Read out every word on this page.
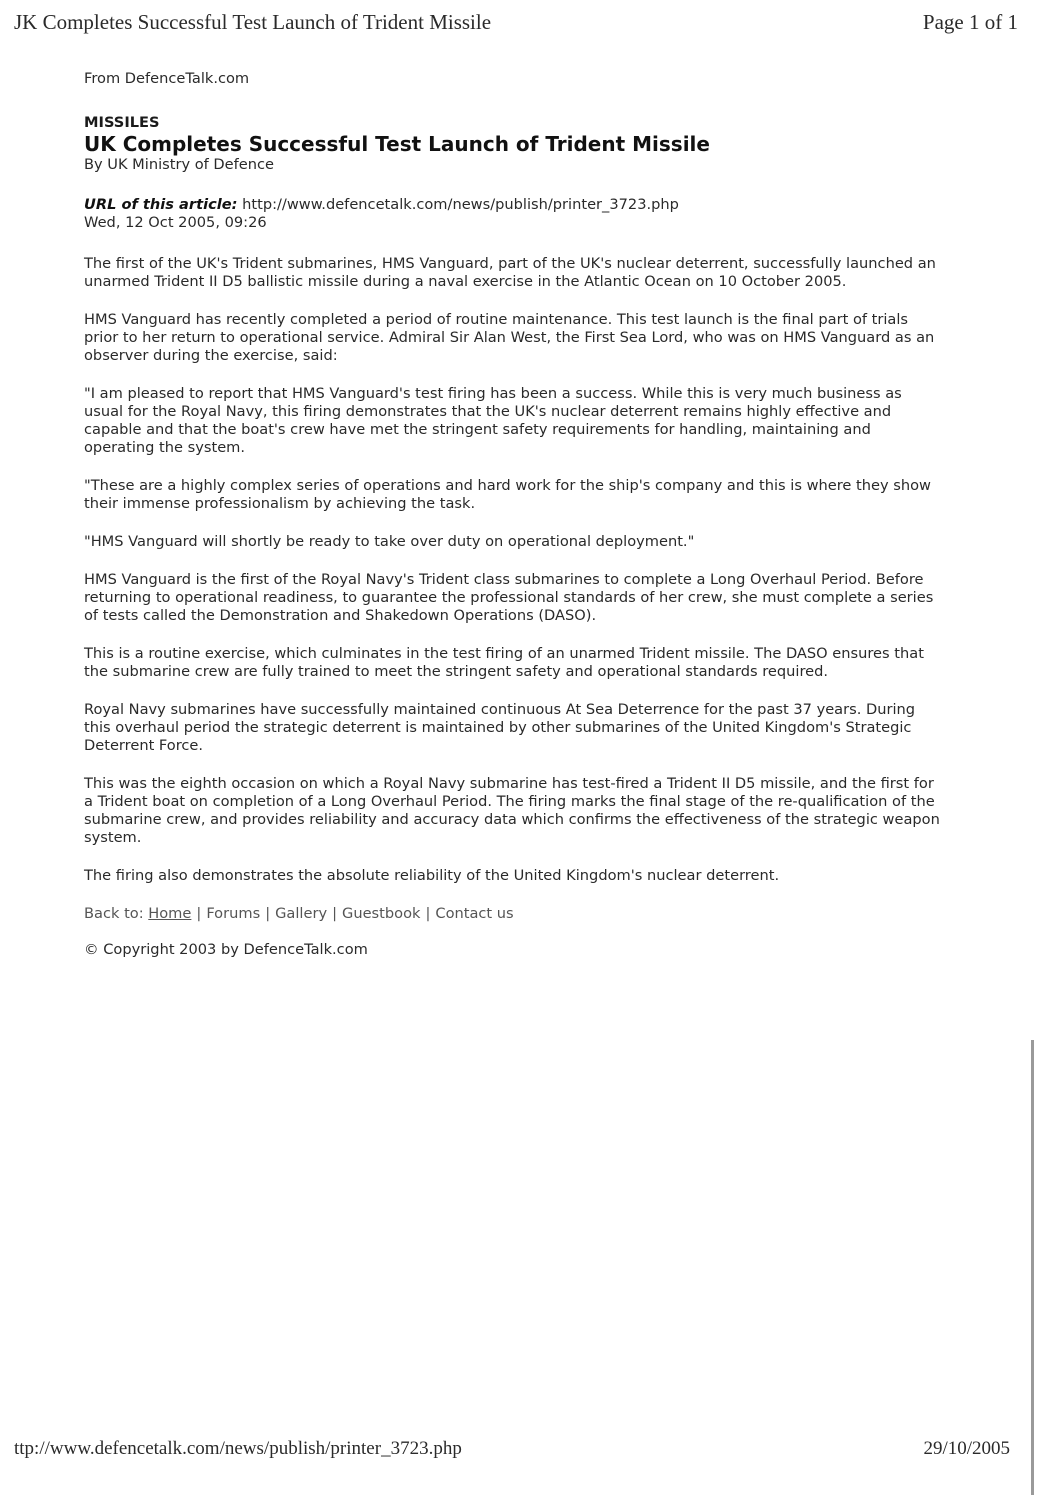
JK Completes Successful Test Launch of Trident Missile	Page 1 of 1

From DefenceTalk.com

MISSILES

UK Completes Successful Test Launch of Trident Missile

By UK Ministry of Defence

URL of this article: http://www.defencetalk.com/news/publish/printer_3723.php

Wed, 12 Oct 2005, 09:26

The first of the UK's Trident submarines, HMS Vanguard, part of the UK's nuclear deterrent, successfully launched an unarmed Trident II D5 ballistic missile during a naval exercise in the Atlantic Ocean on 10 October 2005.

HMS Vanguard has recently completed a period of routine maintenance. This test launch is the final part of trials prior to her return to operational service. Admiral Sir Alan West, the First Sea Lord, who was on HMS Vanguard as an observer during the exercise, said:

"I am pleased to report that HMS Vanguard's test firing has been a success. While this is very much business as usual for the Royal Navy, this firing demonstrates that the UK's nuclear deterrent remains highly effective and capable and that the boat's crew have met the stringent safety requirements for handling, maintaining and operating the system.

"These are a highly complex series of operations and hard work for the ship's company and this is where they show their immense professionalism by achieving the task.

"HMS Vanguard will shortly be ready to take over duty on operational deployment."

HMS Vanguard is the first of the Royal Navy's Trident class submarines to complete a Long Overhaul Period. Before returning to operational readiness, to guarantee the professional standards of her crew, she must complete a series of tests called the Demonstration and Shakedown Operations (DASO).

This is a routine exercise, which culminates in the test firing of an unarmed Trident missile. The DASO ensures that the submarine crew are fully trained to meet the stringent safety and operational standards required.

Royal Navy submarines have successfully maintained continuous At Sea Deterrence for the past 37 years. During this overhaul period the strategic deterrent is maintained by other submarines of the United Kingdom's Strategic Deterrent Force.

This was the eighth occasion on which a Royal Navy submarine has test-fired a Trident II D5 missile, and the first for a Trident boat on completion of a Long Overhaul Period. The firing marks the final stage of the re-qualification of the submarine crew, and provides reliability and accuracy data which confirms the effectiveness of the strategic weapon system.

The firing also demonstrates the absolute reliability of the United Kingdom's nuclear deterrent.

Back to: Home | Forums | Gallery | Guestbook | Contact us

© Copyright 2003 by DefenceTalk.com

ttp://www.defencetalk.com/news/publish/printer_3723.php	29/10/2005
